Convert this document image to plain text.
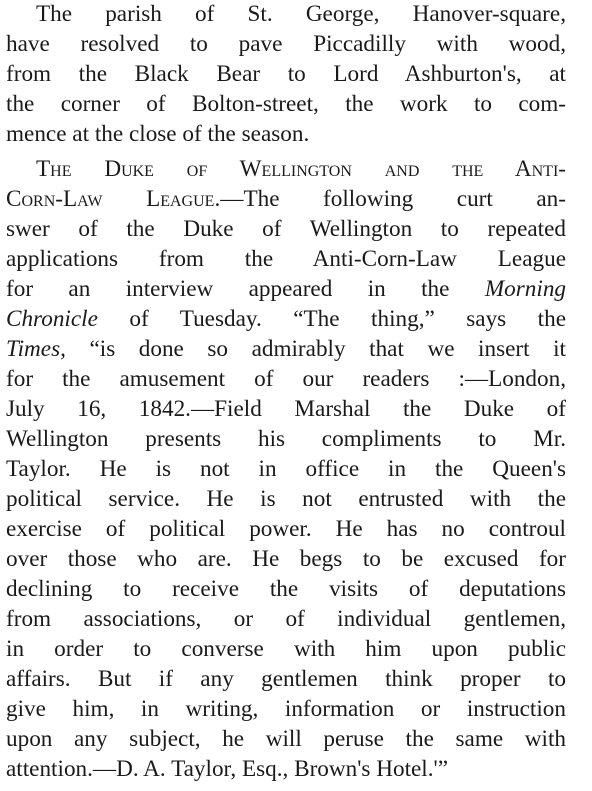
The parish of St. George, Hanover-square,
have resolved to pave Piccadilly with wood,
from the Black Bear to Lord Ashburton's, at
the corner of Bolton-street, the work to com-
mence at the close of the season.
The Duke of Wellington and the Anti-
Corn-Law League.—The following curt an-
swer of the Duke of Wellington to repeated
applications from the Anti-Corn-Law League
for an interview appeared in the Morning
Chronicle of Tuesday. “The thing,” says the
Times, “is done so admirably that we insert it
for the amusement of our readers :—London,
July 16, 1842.—Field Marshal the Duke of
Wellington presents his compliments to Mr.
Taylor. He is not in office in the Queen's
political service. He is not entrusted with the
exercise of political power. He has no controul
over those who are. He begs to be excused for
declining to receive the visits of deputations
from associations, or of individual gentlemen,
in order to converse with him upon public
affairs. But if any gentlemen think proper to
give him, in writing, information or instruction
upon any subject, he will peruse the same with
attention.—D. A. Taylor, Esq., Brown's Hotel.'”
